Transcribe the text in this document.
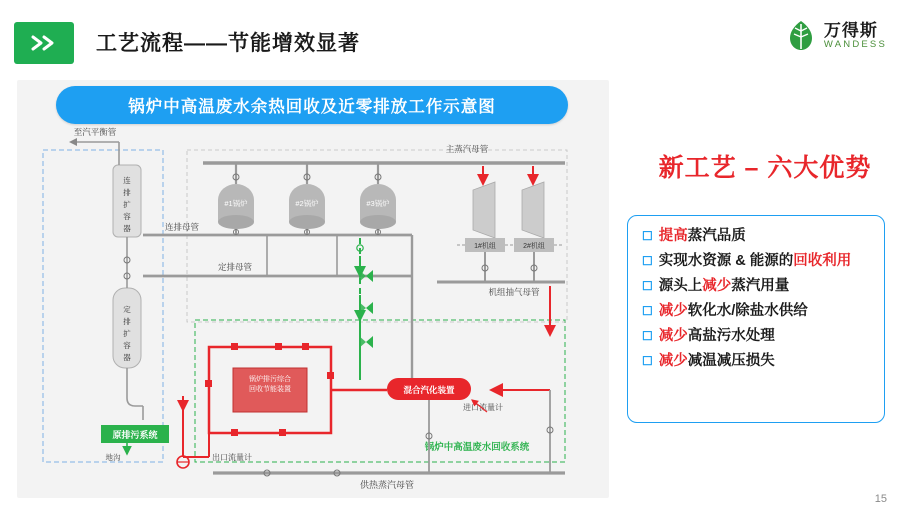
工艺流程——节能增效显著
万得斯
WANDESS
主蒸汽母管
#1锅炉	#2锅炉	#3锅炉
1#机组	2#机组
机组抽气母管
连排母管
定排母管
连
排
扩
容
器
至汽平衡管
定
排
扩
容
器
原排污系统
地沟
锅炉排污综合
回收节能装置	混合汽化装置
进口流量计
出口流量计
锅炉中高温废水回收系统
供热蒸汽母管
锅炉中高温废水余热回收及近零排放工作示意图
新工艺 – 六大优势
☐ 提高蒸汽品质
☐ 实现水资源 & 能源的回收利用
☐ 源头上减少蒸汽用量
☐ 减少软化水/除盐水供给
☐ 减少高盐污水处理
☐ 减少减温减压损失
15
